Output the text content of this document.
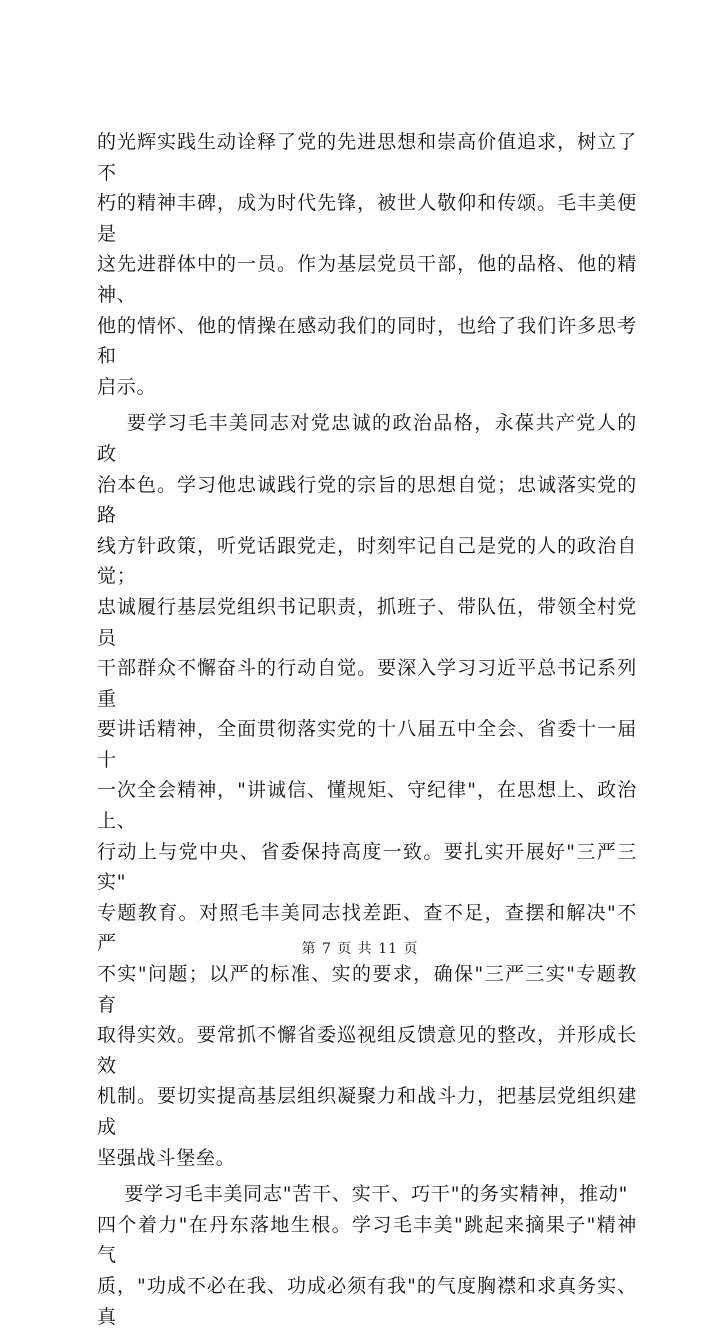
的光辉实践生动诠释了党的先进思想和崇高价值追求，树立了不
朽的精神丰碑，成为时代先锋，被世人敬仰和传颂。毛丰美便是
这先进群体中的一员。作为基层党员干部，他的品格、他的精神、
他的情怀、他的情操在感动我们的同时，也给了我们许多思考和
启示。

要学习毛丰美同志对党忠诚的政治品格，永葆共产党人的政
治本色。学习他忠诚践行党的宗旨的思想自觉；忠诚落实党的路
线方针政策，听党话跟党走，时刻牢记自己是党的人的政治自觉；
忠诚履行基层党组织书记职责，抓班子、带队伍，带领全村党员
干部群众不懈奋斗的行动自觉。要深入学习习近平总书记系列重
要讲话精神，全面贯彻落实党的十八届五中全会、省委十一届十
一次全会精神，"讲诚信、懂规矩、守纪律"，在思想上、政治上、
行动上与党中央、省委保持高度一致。要扎实开展好"三严三实"
专题教育。对照毛丰美同志找差距、查不足，查摆和解决"不严
不实"问题；以严的标准、实的要求，确保"三严三实"专题教育
取得实效。要常抓不懈省委巡视组反馈意见的整改，并形成长效
机制。要切实提高基层组织凝聚力和战斗力，把基层党组织建成
坚强战斗堡垒。

要学习毛丰美同志"苦干、实干、巧干"的务实精神，推动"
四个着力"在丹东落地生根。学习毛丰美"跳起来摘果子"精神气
质，"功成不必在我、功成必须有我"的气度胸襟和求真务实、真

第 7 页 共 11 页
